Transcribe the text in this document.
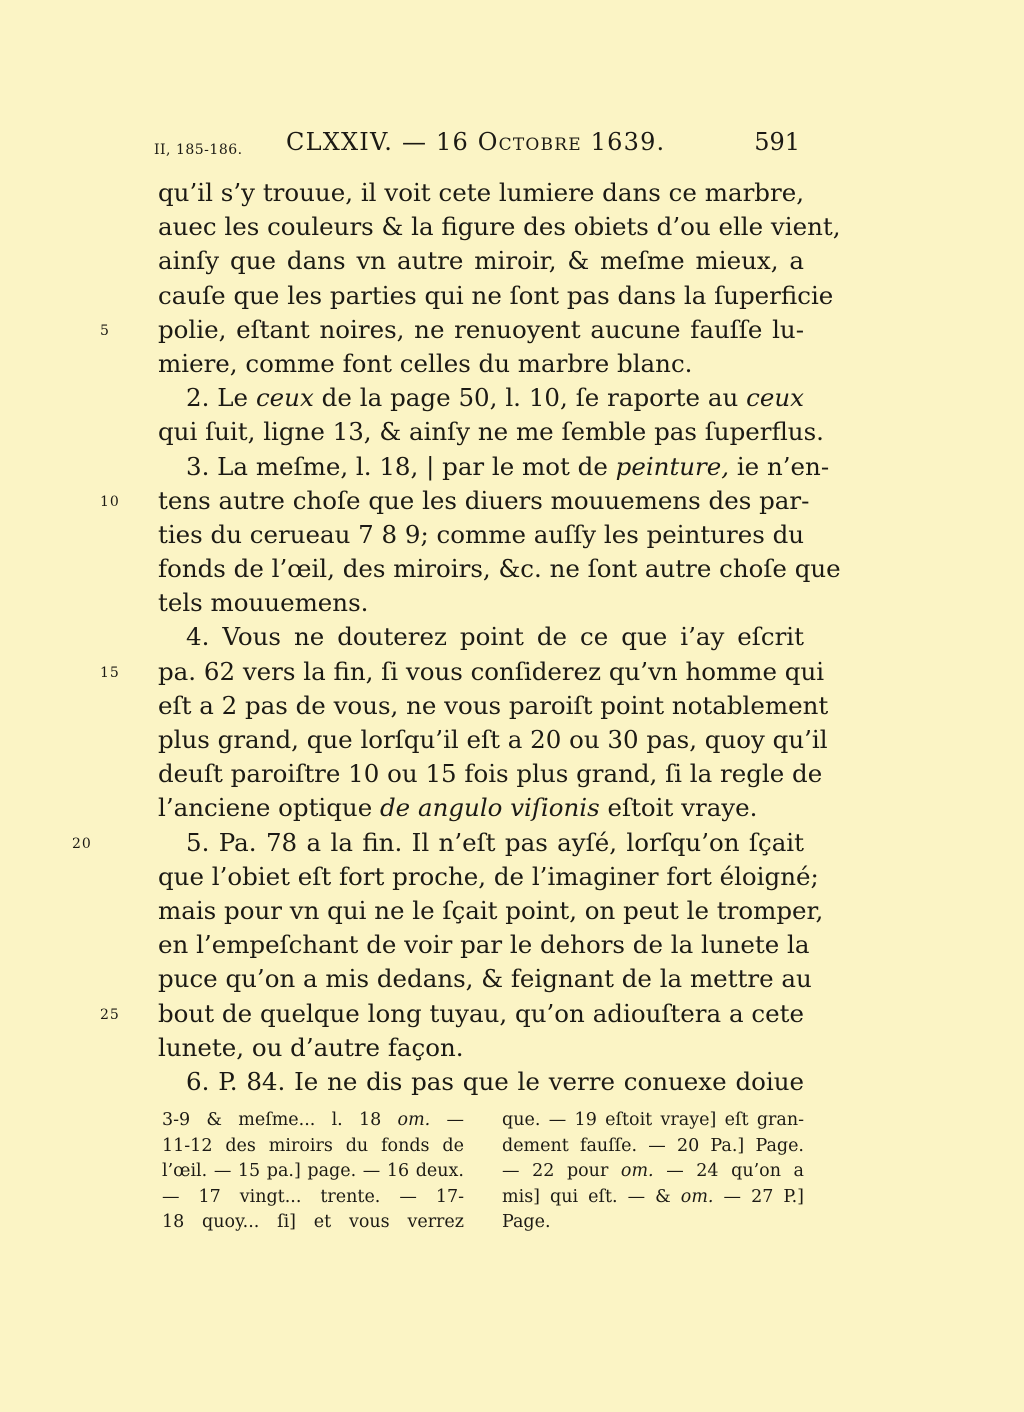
II, 185-186. CLXXIV. — 16 Octobre 1639.	591
qu’il s’y trouue, il voit cete lumiere dans ce marbre,
auec les couleurs & la figure des obiets d’ou elle vient,
ainſy que dans vn autre miroir, & meſme mieux, a
cauſe que les parties qui ne ſont pas dans la ſuperficie
5	polie, eſtant noires, ne renuoyent aucune fauſſe lu-
miere, comme font celles du marbre blanc.
2. Le ceux de la page 50, l. 10, ſe raporte au ceux
qui ſuit, ligne 13, & ainſy ne me ſemble pas ſuperflus.
3. La meſme, l. 18, | par le mot de peinture, ie n’en-
10	tens autre choſe que les diuers mouuemens des par-
ties du cerueau 7 8 9; comme auſſy les peintures du
fonds de l’œil, des miroirs, &c. ne ſont autre choſe que
tels mouuemens.
4. Vous ne douterez point de ce que i’ay eſcrit
15	pa. 62 vers la fin, ſi vous conſiderez qu’vn homme qui
eſt a 2 pas de vous, ne vous paroiſt point notablement
plus grand, que lorſqu’il eſt a 20 ou 30 pas, quoy qu’il
deuſt paroiſtre 10 ou 15 fois plus grand, ſi la regle de
l’anciene optique de angulo viſionis eſtoit vraye.
20	5. Pa. 78 a la fin. Il n’eſt pas ayſé, lorſqu’on ſçait
que l’obiet eſt fort proche, de l’imaginer fort éloigné;
mais pour vn qui ne le ſçait point, on peut le tromper,
en l’empeſchant de voir par le dehors de la lunete la
puce qu’on a mis dedans, & feignant de la mettre au
25	bout de quelque long tuyau, qu’on adiouſtera a cete
lunete, ou d’autre façon.
6. P. 84. Ie ne dis pas que le verre conuexe doiue
3-9 & meſme... l. 18 om. —
11-12 des miroirs du fonds de
l’œil. — 15 pa.] page. — 16 deux.
— 17 vingt... trente. — 17-
18 quoy... ſi] et vous verrez
que. — 19 eſtoit vraye] eſt gran-
dement fauſſe. — 20 Pa.] Page.
— 22 pour om. — 24 qu’on a
mis] qui eſt. — & om. — 27 P.]
Page.
